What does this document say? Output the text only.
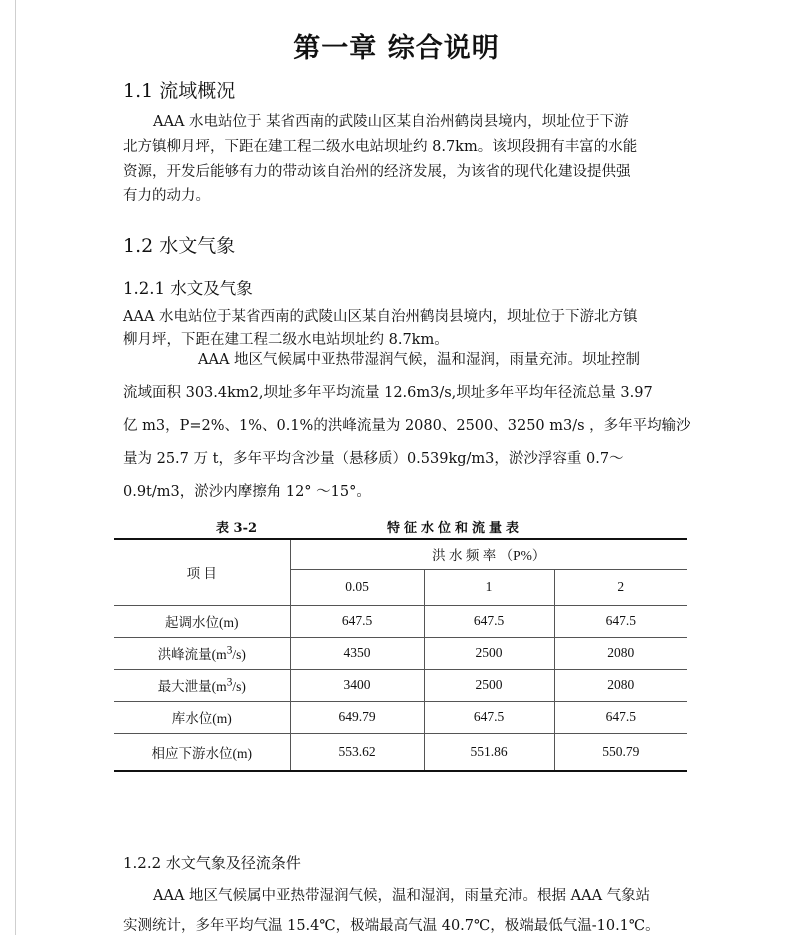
第一章 综合说明
1.1 流域概况
AAA 水电站位于 某省西南的武陵山区某自治州鹤岗县境内，坝址位于下游
北方镇柳月坪，下距在建工程二级水电站坝址约 8.7km。该坝段拥有丰富的水能
资源，开发后能够有力的带动该自治州的经济发展，为该省的现代化建设提供强
有力的动力。
1.2 水文气象
1.2.1 水文及气象
AAA 水电站位于某省西南的武陵山区某自治州鹤岗县境内，坝址位于下游北方镇
柳月坪，下距在建工程二级水电站坝址约 8.7km。
AAA 地区气候属中亚热带湿润气候，温和湿润，雨量充沛。坝址控制
流域面积 303.4km2,坝址多年平均流量 12.6m3/s,坝址多年平均年径流总量 3.97
亿 m3，P=2%、1%、0.1%的洪峰流量为 2080、2500、3250 m3/s ，多年平均输沙
量为 25.7 万 t，多年平均含沙量（悬移质）0.539kg/m3，淤沙浮容重 0.7～
0.9t/m3，淤沙内摩擦角 12° ～15°。
表 3-2	特征水位和流量表
项 目	洪 水 频 率 （P%）		
	0.05	1	2
起调水位(m)	647.5	647.5	647.5
洪峰流量$(m^3/s)$	4350	2500	2080
最大泄量$(m^3/s)$	3400	2500	2080
库水位(m)	649.79	647.5	647.5
相应下游水位(m)	553.62	551.86	550.79
1.2.2 水文气象及径流条件
AAA 地区气候属中亚热带湿润气候，温和湿润，雨量充沛。根据 AAA 气象站
实测统计，多年平均气温 15.4℃，极端最高气温 40.7℃，极端最低气温-10.1℃。
